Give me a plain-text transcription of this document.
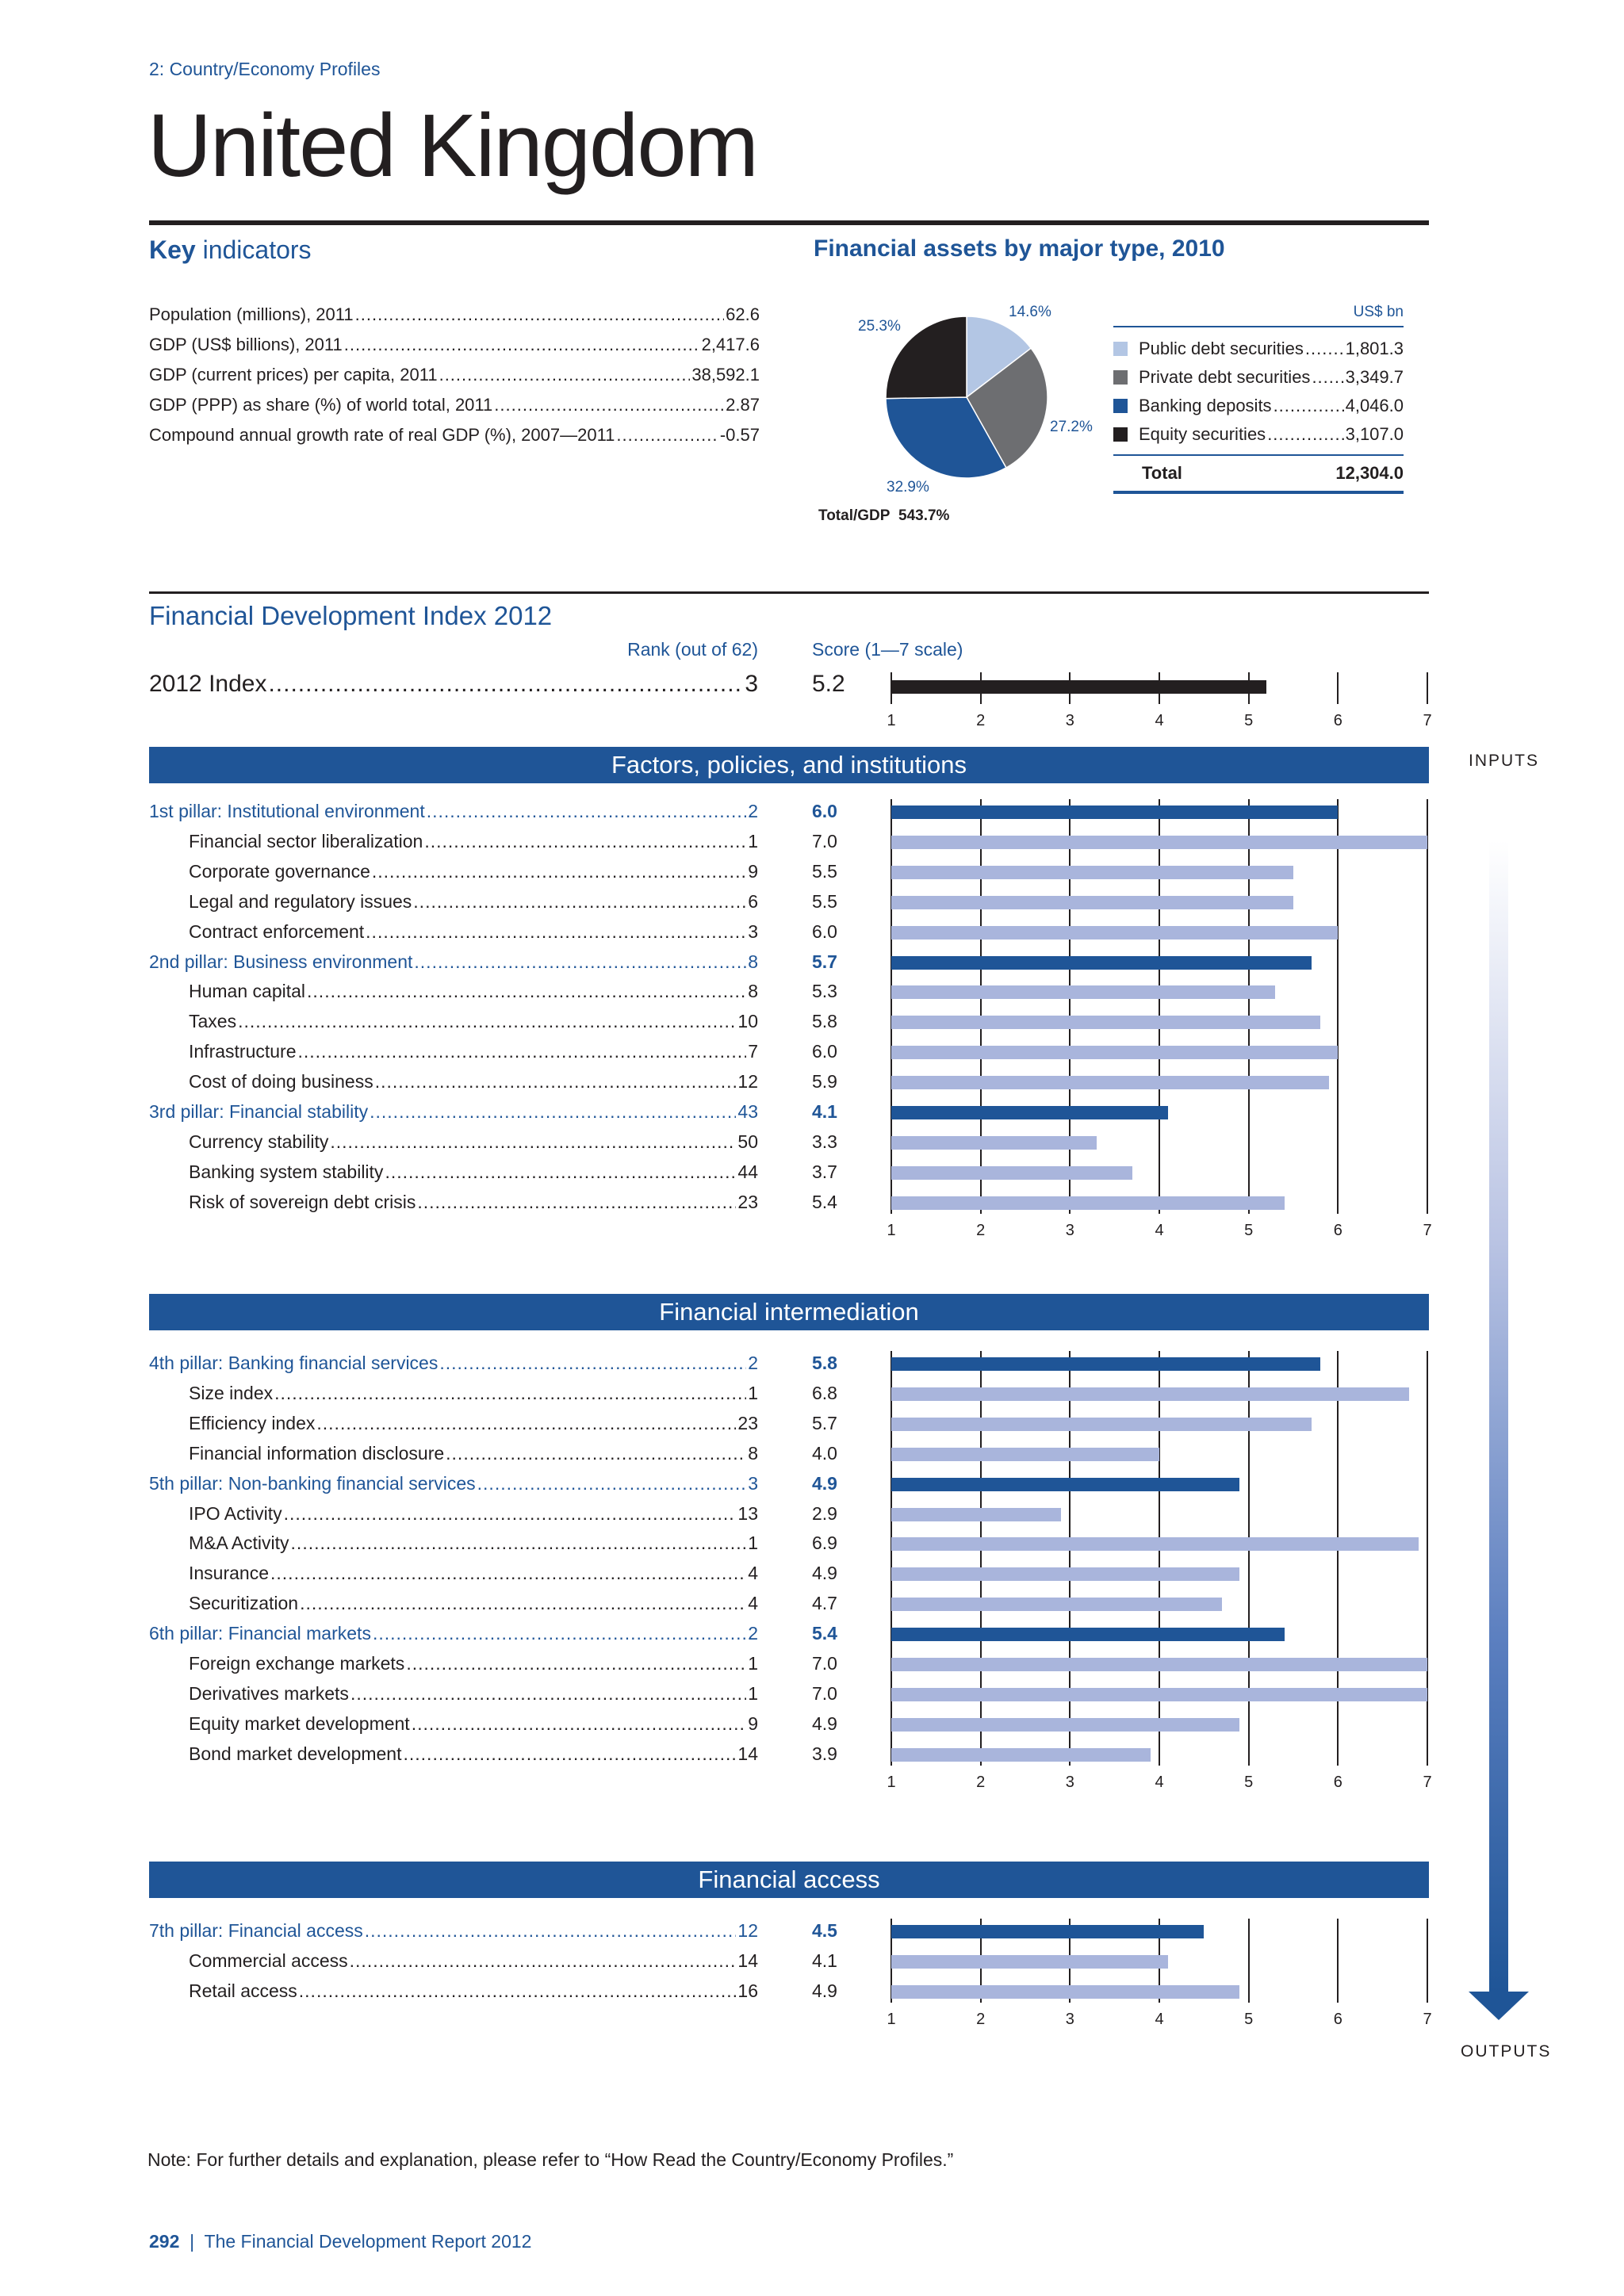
2: Country/Economy Profiles
United Kingdom
Key indicators
Population (millions), 2011 .....	62.6
GDP (US$ billions), 2011 .....	2,417.6
GDP (current prices) per capita, 2011 .....	38,592.1
GDP (PPP) as share (%) of world total, 2011 .....	2.87
Compound annual growth rate of real GDP (%), 2007—2011 .....	-0.57
Financial assets by major type, 2010
14.6%
27.2%
32.9%
25.3%
Total/GDP 543.7%
US$ bn
Public debt securities ..... 1,801.3
Private debt securities ..... 3,349.7
Banking deposits .....	4,046.0
Equity securities .....	3,107.0
Total	12,304.0
Financial Development Index 2012
Rank (out of 62)	Score (1—7 scale)
2012 Index .....	3 5.2
1	2	3	4	5	6	7
Factors, policies, and institutions
1	2	3	4	5	6	7
1st pillar: Institutional environment .....	2	6.0
Financial sector liberalization .....	1	7.0
Corporate governance .....	9	5.5
Legal and regulatory issues .....	6	5.5
Contract enforcement .....	3	6.0
2nd pillar: Business environment .....	8	5.7
Human capital .....	8	5.3
Taxes .....	10	5.8
Infrastructure .....	7	6.0
Cost of doing business .....	12	5.9
3rd pillar: Financial stability .....	43	4.1
Currency stability .....	50	3.3
Banking system stability .....	44	3.7
Risk of sovereign debt crisis .....	23	5.4
Financial intermediation
1	2	3	4	5	6	7
4th pillar: Banking financial services .....	2	5.8
Size index .....	1	6.8
Efficiency index .....	23	5.7
Financial information disclosure .....	8	4.0
5th pillar: Non-banking financial services .....	3	4.9
IPO Activity .....	13	2.9
M&A Activity .....	1	6.9
Insurance .....	4	4.9
Securitization .....	4	4.7
6th pillar: Financial markets .....	2	5.4
Foreign exchange markets .....	1	7.0
Derivatives markets .....	1	7.0
Equity market development .....	9	4.9
Bond market development .....	14	3.9
Financial access
1	2	3	4	5	6	7
7th pillar: Financial access .....	12	4.5
Commercial access .....	14	4.1
Retail access .....	16	4.9
INPUTS
OUTPUTS
Note: For further details and explanation, please refer to “How Read the Country/Economy Profiles.”
292 | The Financial Development Report 2012
